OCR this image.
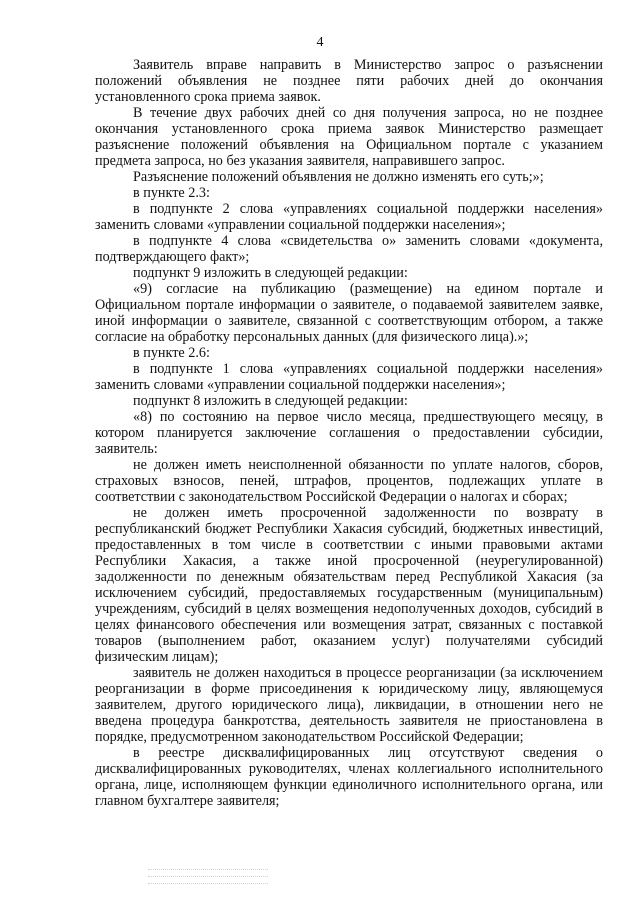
4

Заявитель вправе направить в Министерство запрос о разъяснении положений объявления не позднее пяти рабочих дней до окончания установленного срока приема заявок.

В течение двух рабочих дней со дня получения запроса, но не позднее окончания установленного срока приема заявок Министерство размещает разъяснение положений объявления на Официальном портале с указанием предмета запроса, но без указания заявителя, направившего запрос.

Разъяснение положений объявления не должно изменять его суть;»;

в пункте 2.3:

в подпункте 2 слова «управлениях социальной поддержки населения» заменить словами «управлении социальной поддержки населения»;

в подпункте 4 слова «свидетельства о» заменить словами «документа, подтверждающего факт»;

подпункт 9 изложить в следующей редакции:

«9) согласие на публикацию (размещение) на едином портале и Официальном портале информации о заявителе, о подаваемой заявителем заявке, иной информации о заявителе, связанной с соответствующим отбором, а также согласие на обработку персональных данных (для физического лица).»;

в пункте 2.6:

в подпункте 1 слова «управлениях социальной поддержки населения» заменить словами «управлении социальной поддержки населения»;

подпункт 8 изложить в следующей редакции:

«8) по состоянию на первое число месяца, предшествующего месяцу, в котором планируется заключение соглашения о предоставлении субсидии, заявитель:

не должен иметь неисполненной обязанности по уплате налогов, сборов, страховых взносов, пеней, штрафов, процентов, подлежащих уплате в соответствии с законодательством Российской Федерации о налогах и сборах;

не должен иметь просроченной задолженности по возврату в республиканский бюджет Республики Хакасия субсидий, бюджетных инвестиций, предоставленных в том числе в соответствии с иными правовыми актами Республики Хакасия, а также иной просроченной (неурегулированной) задолженности по денежным обязательствам перед Республикой Хакасия (за исключением субсидий, предоставляемых государственным (муниципальным) учреждениям, субсидий в целях возмещения недополученных доходов, субсидий в целях финансового обеспечения или возмещения затрат, связанных с поставкой товаров (выполнением работ, оказанием услуг) получателями субсидий физическим лицам);

заявитель не должен находиться в процессе реорганизации (за исключением реорганизации в форме присоединения к юридическому лицу, являющемуся заявителем, другого юридического лица), ликвидации, в отношении него не введена процедура банкротства, деятельность заявителя не приостановлена в порядке, предусмотренном законодательством Российской Федерации;

в реестре дисквалифицированных лиц отсутствуют сведения о дисквалифицированных руководителях, членах коллегиального исполнительного органа, лице, исполняющем функции единоличного исполнительного органа, или главном бухгалтере заявителя;
